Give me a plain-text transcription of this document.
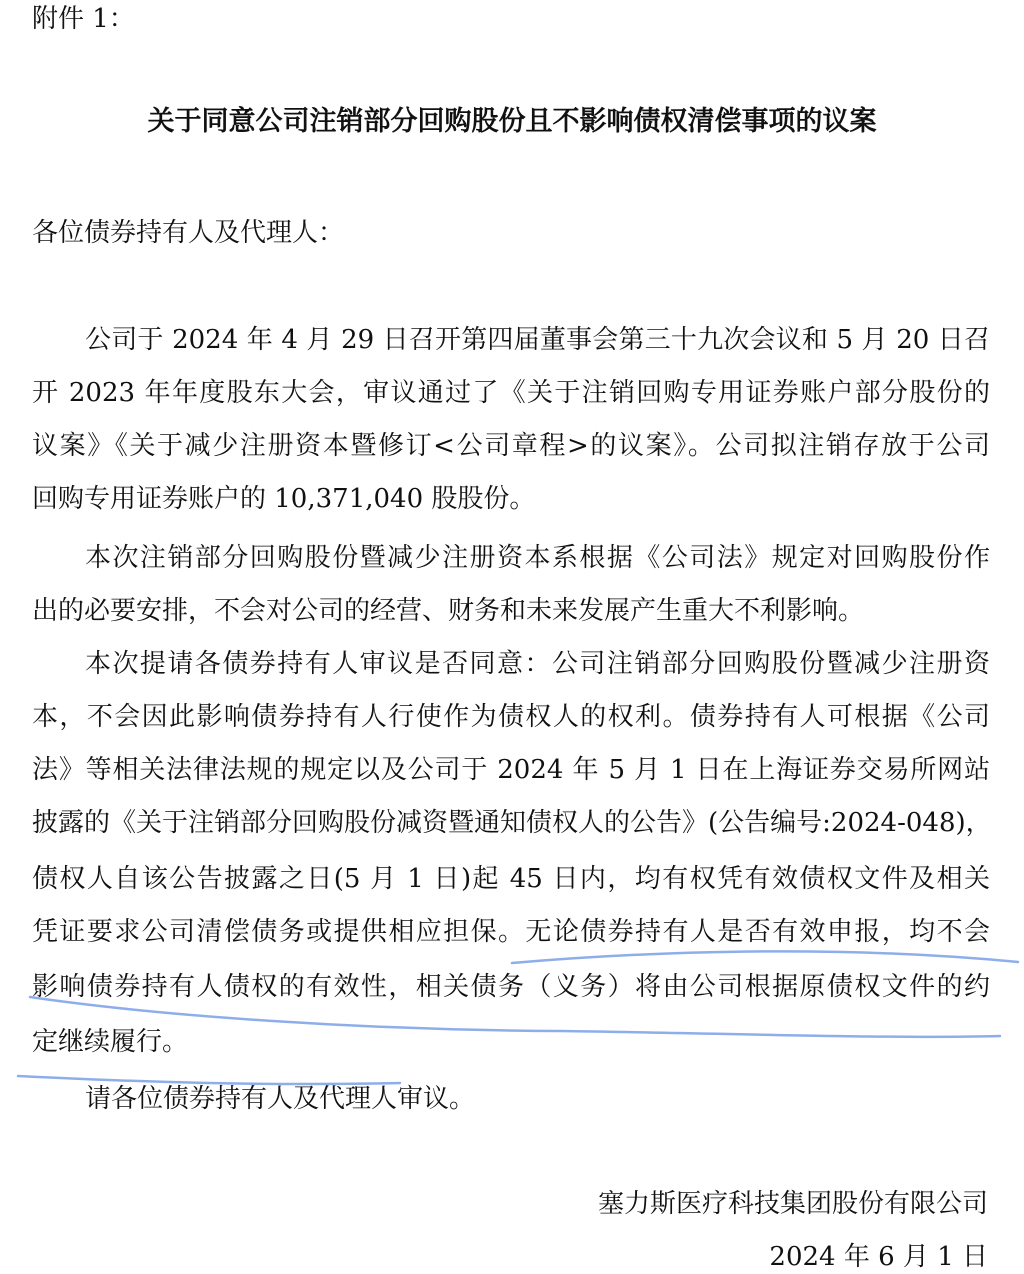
附件 1：
关于同意公司注销部分回购股份且不影响债权清偿事项的议案
各位债券持有人及代理人：
公司于 2024 年 4 月 29 日召开第四届董事会第三十九次会议和 5 月 20 日召
开 2023 年年度股东大会，审议通过了《关于注销回购专用证券账户部分股份的
议案》《关于减少注册资本暨修订<公司章程>的议案》。公司拟注销存放于公司
回购专用证券账户的 10,371,040 股股份。
本次注销部分回购股份暨减少注册资本系根据《公司法》规定对回购股份作
出的必要安排，不会对公司的经营、财务和未来发展产生重大不利影响。
本次提请各债券持有人审议是否同意：公司注销部分回购股份暨减少注册资
本，不会因此影响债券持有人行使作为债权人的权利。债券持有人可根据《公司
法》等相关法律法规的规定以及公司于 2024 年 5 月 1 日在上海证券交易所网站
披露的《关于注销部分回购股份减资暨通知债权人的公告》(公告编号:2024-048)，
债权人自该公告披露之日(5 月 1 日)起 45 日内，均有权凭有效债权文件及相关
凭证要求公司清偿债务或提供相应担保。无论债券持有人是否有效申报，均不会
影响债券持有人债权的有效性，相关债务（义务）将由公司根据原债权文件的约
定继续履行。
请各位债券持有人及代理人审议。
塞力斯医疗科技集团股份有限公司
2024 年 6 月 1 日
